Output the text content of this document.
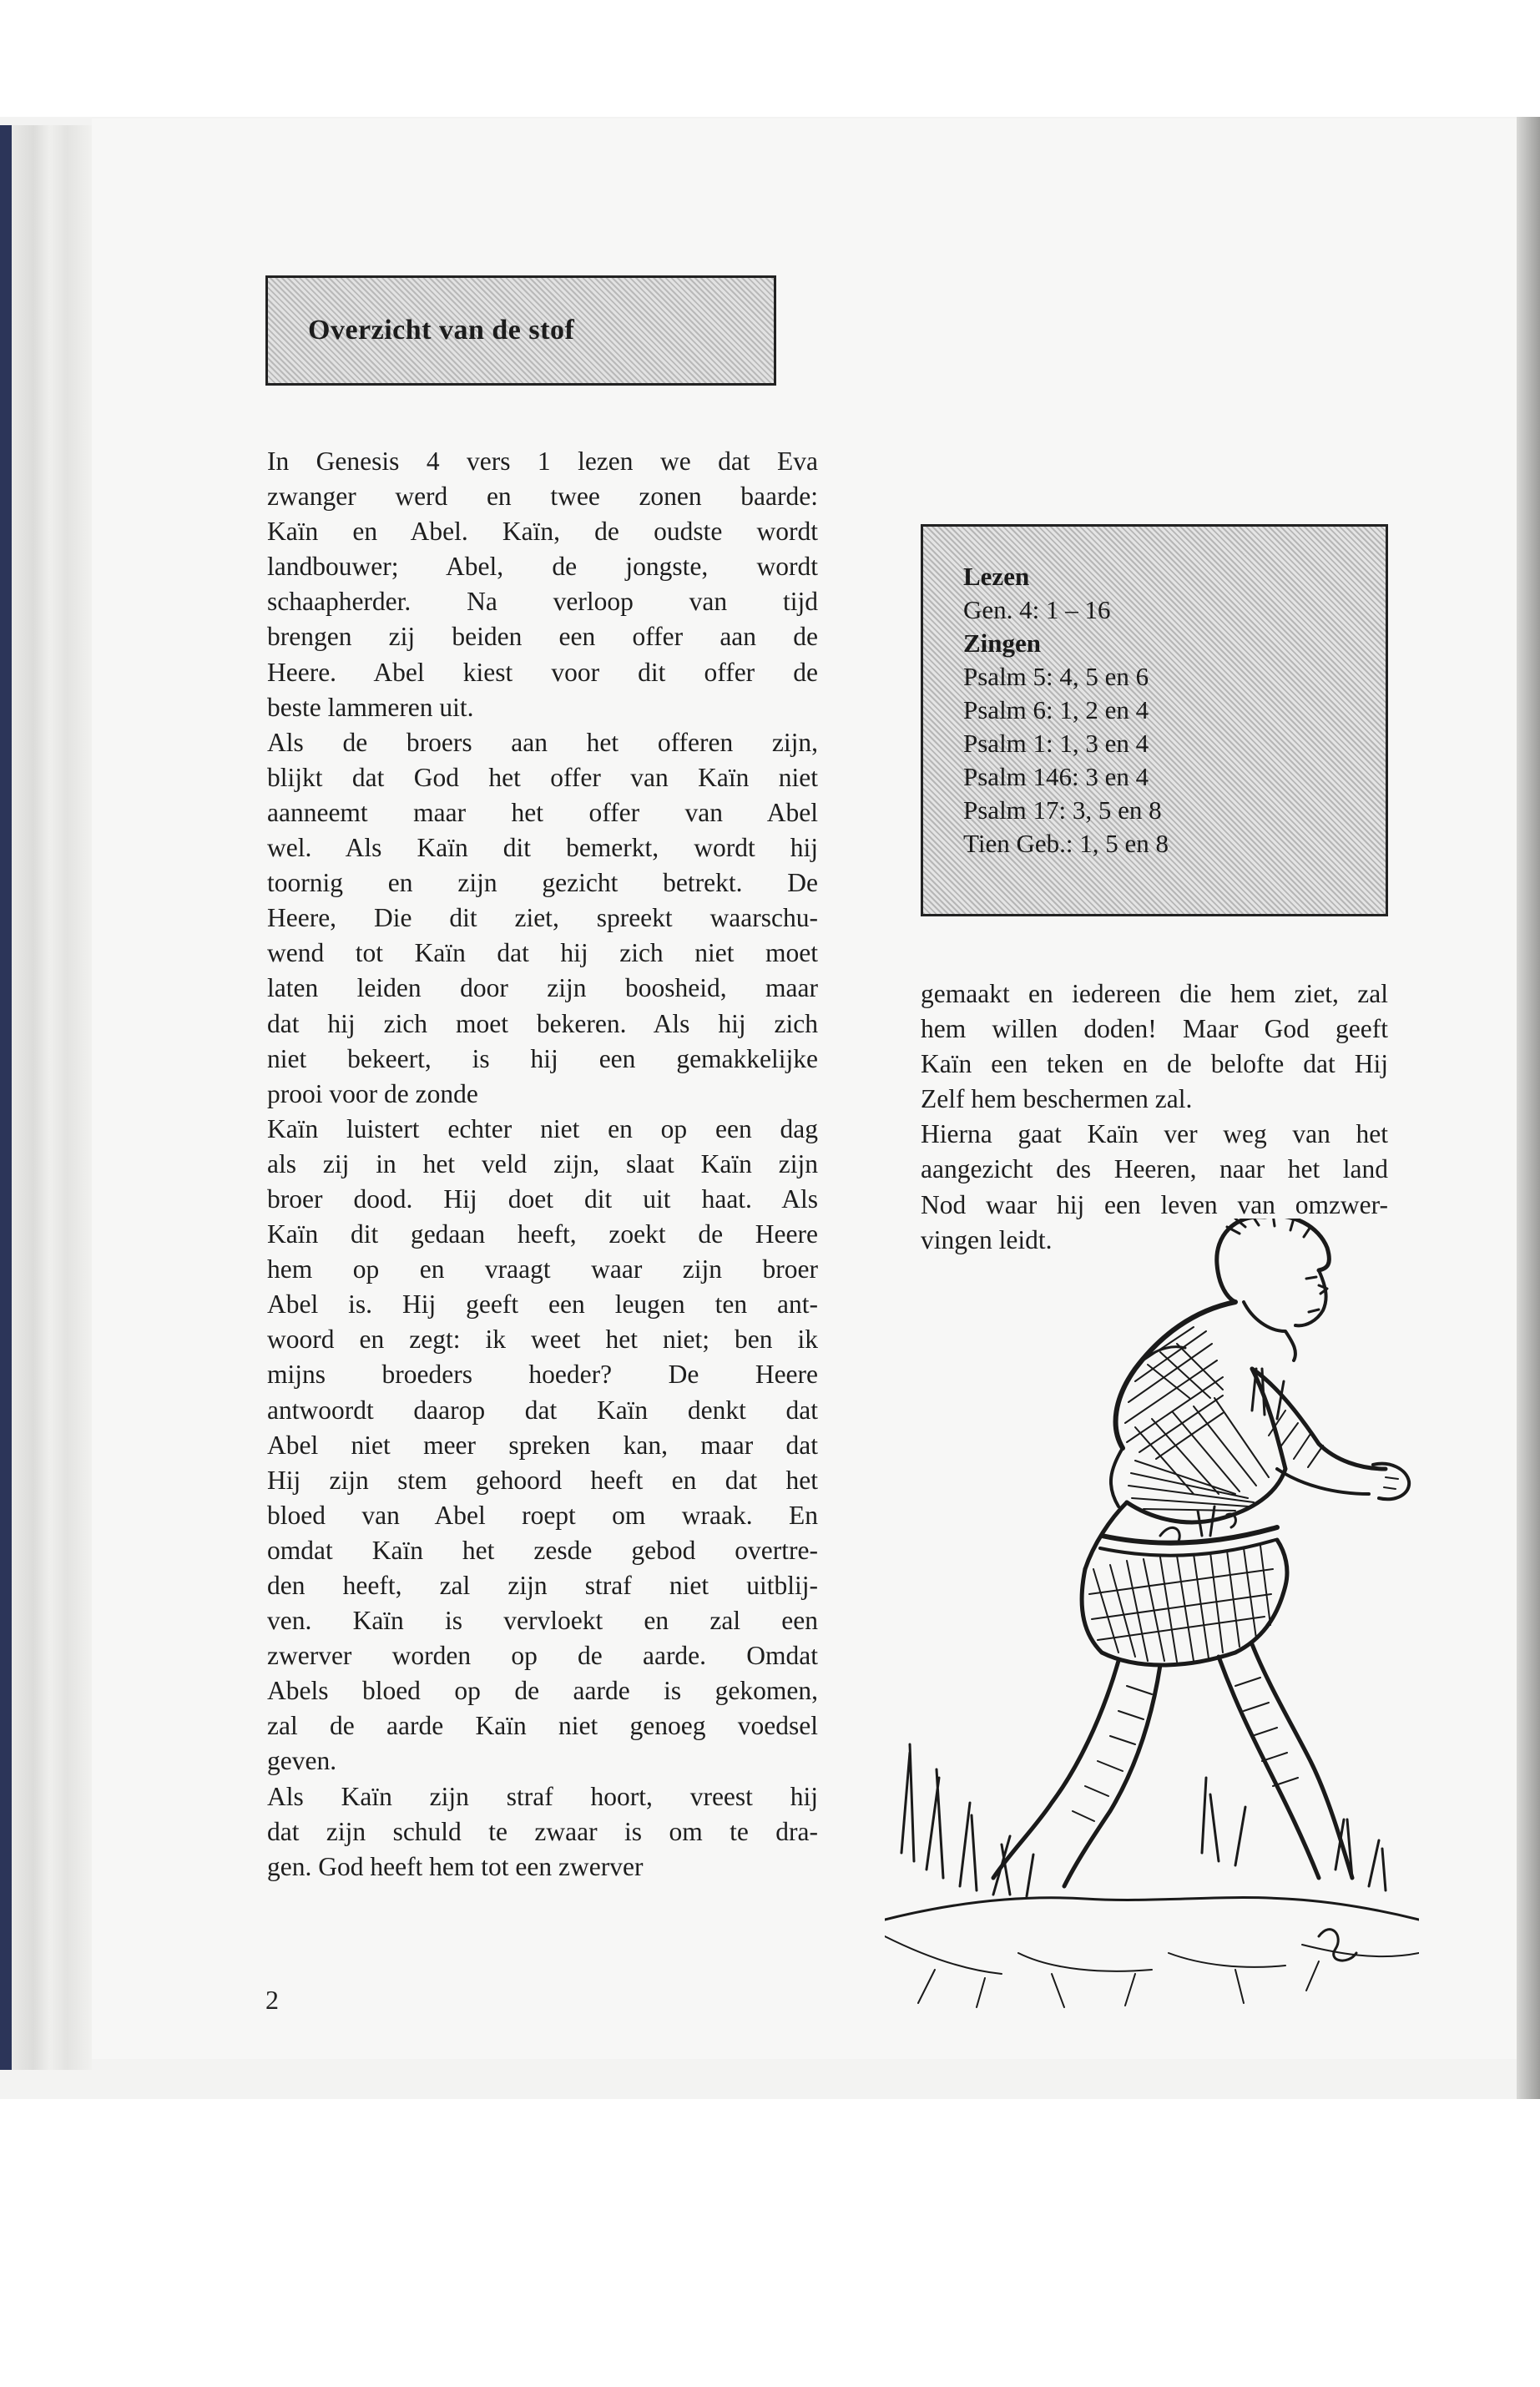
Overzicht van de stof
In Genesis 4 vers 1 lezen we dat Eva
zwanger werd en twee zonen baarde:
Kaïn en Abel. Kaïn, de oudste wordt
landbouwer; Abel, de jongste, wordt
schaapherder. Na verloop van tijd
brengen zij beiden een offer aan de
Heere. Abel kiest voor dit offer de
beste lammeren uit.
Als de broers aan het offeren zijn,
blijkt dat God het offer van Kaïn niet
aanneemt maar het offer van Abel
wel. Als Kaïn dit bemerkt, wordt hij
toornig en zijn gezicht betrekt. De
Heere, Die dit ziet, spreekt waarschu-
wend tot Kaïn dat hij zich niet moet
laten leiden door zijn boosheid, maar
dat hij zich moet bekeren. Als hij zich
niet bekeert, is hij een gemakkelijke
prooi voor de zonde
Kaïn luistert echter niet en op een dag
als zij in het veld zijn, slaat Kaïn zijn
broer dood. Hij doet dit uit haat. Als
Kaïn dit gedaan heeft, zoekt de Heere
hem op en vraagt waar zijn broer
Abel is. Hij geeft een leugen ten ant-
woord en zegt: ik weet het niet; ben ik
mijns broeders hoeder? De Heere
antwoordt daarop dat Kaïn denkt dat
Abel niet meer spreken kan, maar dat
Hij zijn stem gehoord heeft en dat het
bloed van Abel roept om wraak. En
omdat Kaïn het zesde gebod overtre-
den heeft, zal zijn straf niet uitblij-
ven. Kaïn is vervloekt en zal een
zwerver worden op de aarde. Omdat
Abels bloed op de aarde is gekomen,
zal de aarde Kaïn niet genoeg voedsel
geven.
Als Kaïn zijn straf hoort, vreest hij
dat zijn schuld te zwaar is om te dra-
gen. God heeft hem tot een zwerver
Lezen
Gen. 4: 1 – 16
Zingen
Psalm 5: 4, 5 en 6
Psalm 6: 1, 2 en 4
Psalm 1: 1, 3 en 4
Psalm 146: 3 en 4
Psalm 17: 3, 5 en 8
Tien Geb.: 1, 5 en 8
gemaakt en iedereen die hem ziet, zal
hem willen doden! Maar God geeft
Kaïn een teken en de belofte dat Hij
Zelf hem beschermen zal.
Hierna gaat Kaïn ver weg van het
aangezicht des Heeren, naar het land
Nod waar hij een leven van omzwer-
vingen leidt.
2
